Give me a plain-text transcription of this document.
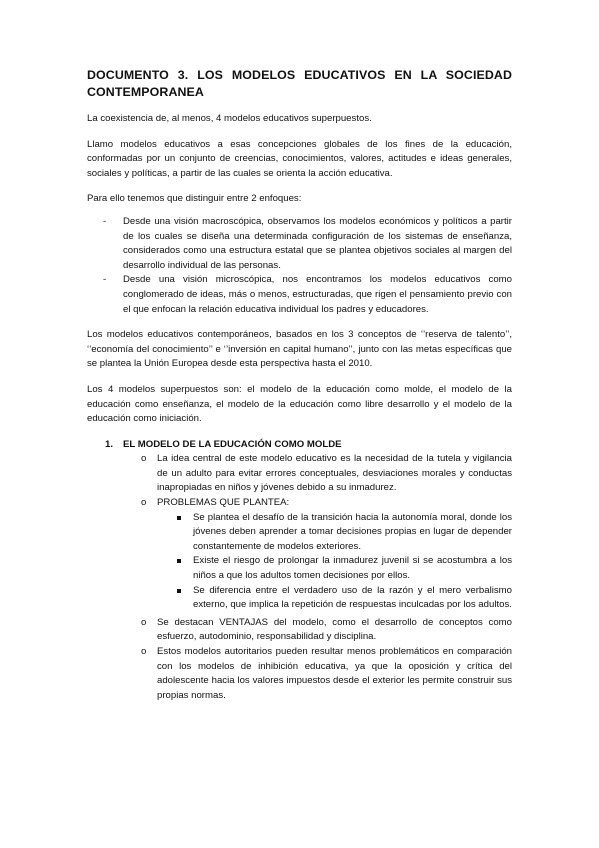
DOCUMENTO 3. LOS MODELOS EDUCATIVOS EN LA SOCIEDAD CONTEMPORANEA

La coexistencia de, al menos, 4 modelos educativos superpuestos.

Llamo modelos educativos a esas concepciones globales de los fines de la educación, conformadas por un conjunto de creencias, conocimientos, valores, actitudes e ideas generales, sociales y políticas, a partir de las cuales se orienta la acción educativa.

Para ello tenemos que distinguir entre 2 enfoques:

- Desde una visión macroscópica, observamos los modelos económicos y políticos a partir de los cuales se diseña una determinada configuración de los sistemas de enseñanza, considerados como una estructura estatal que se plantea objetivos sociales al margen del desarrollo individual de las personas.
- Desde una visión microscópica, nos encontramos los modelos educativos como conglomerado de ideas, más o menos, estructuradas, que rigen el pensamiento previo con el que enfocan la relación educativa individual los padres y educadores.

Los modelos educativos contemporáneos, basados en los 3 conceptos de ‘’reserva de talento’’, ‘’economía del conocimiento’’ e ‘’inversión en capital humano’’, junto con las metas específicas que se plantea la Unión Europea desde esta perspectiva hasta el 2010.

Los 4 modelos superpuestos son: el modelo de la educación como molde, el modelo de la educación como enseñanza, el modelo de la educación como libre desarrollo y el modelo de la educación como iniciación.

1. EL MODELO DE LA EDUCACIÓN COMO MOLDE
o La idea central de este modelo educativo es la necesidad de la tutela y vigilancia de un adulto para evitar errores conceptuales, desviaciones morales y conductas inapropiadas en niños y jóvenes debido a su inmadurez.
o PROBLEMAS QUE PLANTEA:
Se plantea el desafío de la transición hacia la autonomía moral, donde los jóvenes deben aprender a tomar decisiones propias en lugar de depender constantemente de modelos exteriores.
Existe el riesgo de prolongar la inmadurez juvenil si se acostumbra a los niños a que los adultos tomen decisiones por ellos.
Se diferencia entre el verdadero uso de la razón y el mero verbalismo externo, que implica la repetición de respuestas inculcadas por los adultos.
o Se destacan VENTAJAS del modelo, como el desarrollo de conceptos como esfuerzo, autodominio, responsabilidad y disciplina.
o Estos modelos autoritarios pueden resultar menos problemáticos en comparación con los modelos de inhibición educativa, ya que la oposición y crítica del adolescente hacia los valores impuestos desde el exterior les permite construir sus propias normas.
